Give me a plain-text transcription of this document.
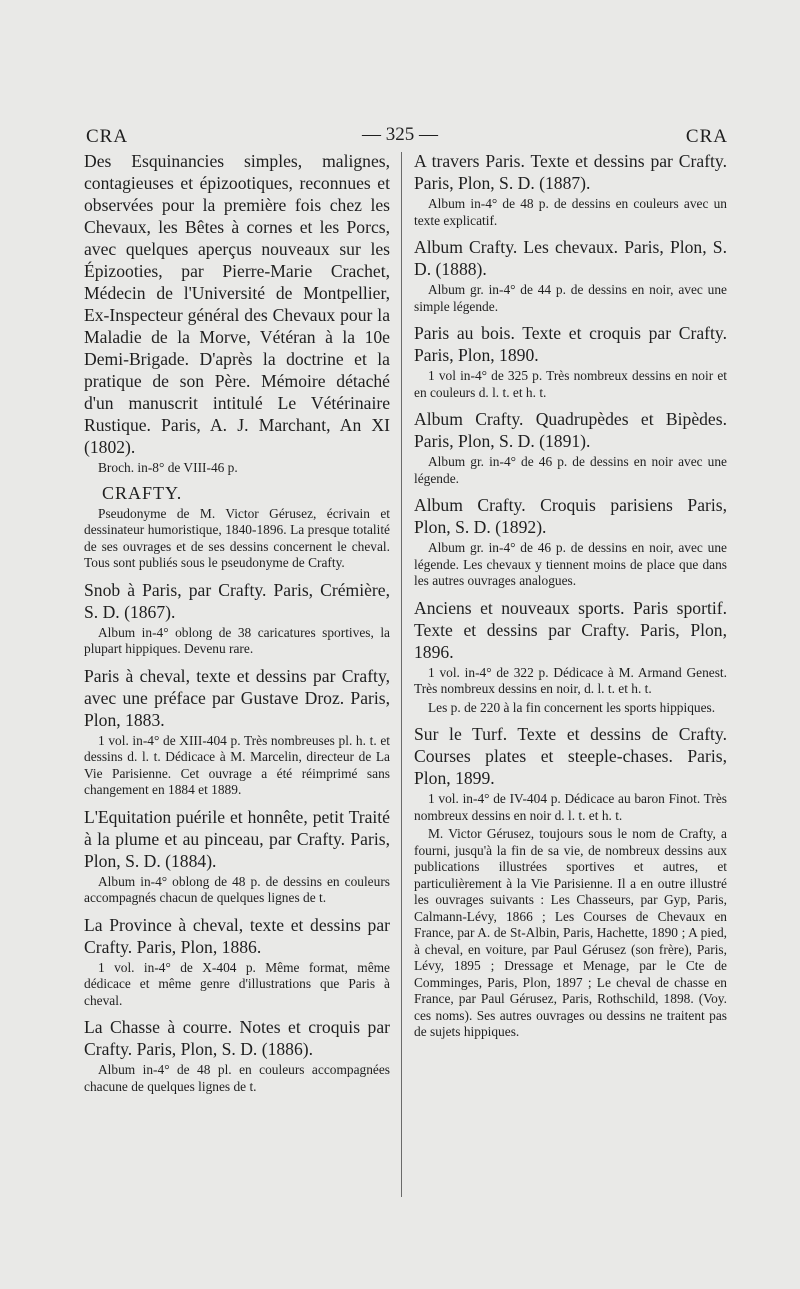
CRA	— 325 —	CRA

Des Esquinancies simples, malignes, contagieuses et épizootiques, reconnues et observées pour la première fois chez les Chevaux, les Bêtes à cornes et les Porcs, avec quelques aperçus nouveaux sur les Épizooties, par Pierre-Marie Crachet, Médecin de l'Université de Montpellier, Ex-Inspecteur général des Chevaux pour la Maladie de la Morve, Vétéran à la 10e Demi-Brigade. D'après la doctrine et la pratique de son Père. Mémoire détaché d'un manuscrit intitulé Le Vétérinaire Rustique. Paris, A. J. Marchant, An XI (1802).

Broch. in-8° de VIII-46 p.

CRAFTY.

Pseudonyme de M. Victor Gérusez, écrivain et dessinateur humoristique, 1840-1896. La presque totalité de ses ouvrages et de ses dessins concernent le cheval. Tous sont publiés sous le pseudonyme de Crafty.

Snob à Paris, par Crafty. Paris, Crémière, S. D. (1867).

Album in-4° oblong de 38 caricatures sportives, la plupart hippiques. Devenu rare.

Paris à cheval, texte et dessins par Crafty, avec une préface par Gustave Droz. Paris, Plon, 1883.

1 vol. in-4° de XIII-404 p. Très nombreuses pl. h. t. et dessins d. l. t. Dédicace à M. Marcelin, directeur de La Vie Parisienne. Cet ouvrage a été réimprimé sans changement en 1884 et 1889.

L'Equitation puérile et honnête, petit Traité à la plume et au pinceau, par Crafty. Paris, Plon, S. D. (1884).

Album in-4° oblong de 48 p. de dessins en couleurs accompagnés chacun de quelques lignes de t.

La Province à cheval, texte et dessins par Crafty. Paris, Plon, 1886.

1 vol. in-4° de X-404 p. Même format, même dédicace et même genre d'illustrations que Paris à cheval.

La Chasse à courre. Notes et croquis par Crafty. Paris, Plon, S. D. (1886).

Album in-4° de 48 pl. en couleurs accompagnées chacune de quelques lignes de t.

A travers Paris. Texte et dessins par Crafty. Paris, Plon, S. D. (1887).

Album in-4° de 48 p. de dessins en couleurs avec un texte explicatif.

Album Crafty. Les chevaux. Paris, Plon, S. D. (1888).

Album gr. in-4° de 44 p. de dessins en noir, avec une simple légende.

Paris au bois. Texte et croquis par Crafty. Paris, Plon, 1890.

1 vol in-4° de 325 p. Très nombreux dessins en noir et en couleurs d. l. t. et h. t.

Album Crafty. Quadrupèdes et Bipèdes. Paris, Plon, S. D. (1891).

Album gr. in-4° de 46 p. de dessins en noir avec une légende.

Album Crafty. Croquis parisiens Paris, Plon, S. D. (1892).

Album gr. in-4° de 46 p. de dessins en noir, avec une légende. Les chevaux y tiennent moins de place que dans les autres ouvrages analogues.

Anciens et nouveaux sports. Paris sportif. Texte et dessins par Crafty. Paris, Plon, 1896.

1 vol. in-4° de 322 p. Dédicace à M. Armand Genest. Très nombreux dessins en noir, d. l. t. et h. t.

Les p. de 220 à la fin concernent les sports hippiques.

Sur le Turf. Texte et dessins de Crafty. Courses plates et steeple-chases. Paris, Plon, 1899.

1 vol. in-4° de IV-404 p. Dédicace au baron Finot. Très nombreux dessins en noir d. l. t. et h. t.

M. Victor Gérusez, toujours sous le nom de Crafty, a fourni, jusqu'à la fin de sa vie, de nombreux dessins aux publications illustrées sportives et autres, et particulièrement à la Vie Parisienne. Il a en outre illustré les ouvrages suivants : Les Chasseurs, par Gyp, Paris, Calmann-Lévy, 1866 ; Les Courses de Chevaux en France, par A. de St-Albin, Paris, Hachette, 1890 ; A pied, à cheval, en voiture, par Paul Gérusez (son frère), Paris, Lévy, 1895 ; Dressage et Menage, par le Cte de Comminges, Paris, Plon, 1897 ; Le cheval de chasse en France, par Paul Gérusez, Paris, Rothschild, 1898. (Voy. ces noms). Ses autres ouvrages ou dessins ne traitent pas de sujets hippiques.
